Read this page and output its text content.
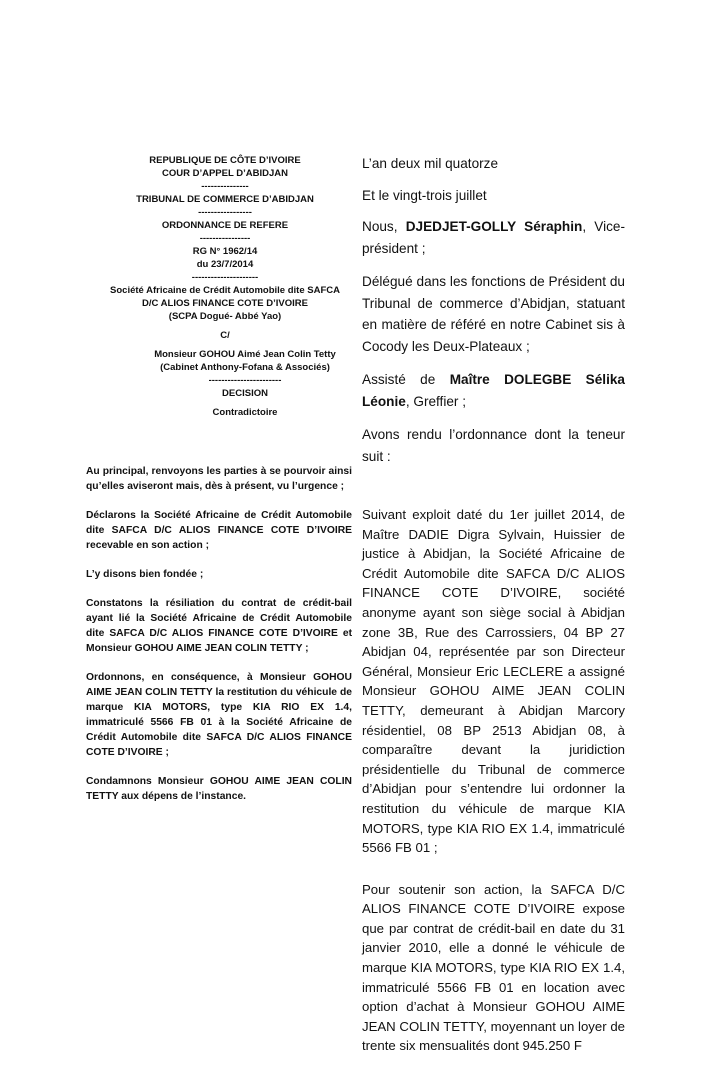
REPUBLIQUE DE CÔTE D’IVOIRE
COUR D’APPEL D’ABIDJAN
---------------
TRIBUNAL DE COMMERCE D’ABIDJAN
-----------------
ORDONNANCE DE REFERE
----------------
RG N° 1962/14
du 23/7/2014
---------------------
Société Africaine de Crédit Automobile dite SAFCA
D/C ALIOS FINANCE COTE D’IVOIRE
(SCPA Dogué- Abbé Yao)
C/
Monsieur GOHOU Aimé Jean Colin Tetty
(Cabinet Anthony-Fofana & Associés)
-----------------------
DECISION
Contradictoire

Au principal, renvoyons les parties à se pourvoir ainsi qu’elles aviseront mais, dès à présent, vu l’urgence ;

Déclarons la Société Africaine de Crédit Automobile dite SAFCA D/C ALIOS FINANCE COTE D’IVOIRE recevable en son action ;

L’y disons bien fondée ;

Constatons la résiliation du contrat de crédit-bail ayant lié la Société Africaine de Crédit Automobile dite SAFCA D/C ALIOS FINANCE COTE D’IVOIRE et Monsieur GOHOU AIME JEAN COLIN TETTY ;

Ordonnons, en conséquence, à Monsieur GOHOU AIME JEAN COLIN TETTY la restitution du véhicule de marque KIA MOTORS, type KIA RIO EX 1.4, immatriculé 5566 FB 01 à la Société Africaine de Crédit Automobile dite SAFCA D/C ALIOS FINANCE COTE D’IVOIRE ;

Condamnons Monsieur GOHOU AIME JEAN COLIN TETTY aux dépens de l’instance.

L’an deux mil quatorze

Et le vingt-trois juillet

Nous, DJEDJET-GOLLY Séraphin, Vice-président ;

Délégué dans les fonctions de Président du Tribunal de commerce d’Abidjan, statuant en matière de référé en notre Cabinet sis à Cocody les Deux-Plateaux ;

Assisté de Maître DOLEGBE Sélika Léonie, Greffier ;

Avons rendu l’ordonnance dont la teneur suit :

Suivant exploit daté du 1er juillet 2014, de Maître DADIE Digra Sylvain, Huissier de justice à Abidjan, la Société Africaine de Crédit Automobile dite SAFCA D/C ALIOS FINANCE COTE D’IVOIRE, société anonyme ayant son siège social à Abidjan zone 3B, Rue des Carrossiers, 04 BP 27 Abidjan 04, représentée par son Directeur Général, Monsieur Eric LECLERE a assigné Monsieur GOHOU AIME JEAN COLIN TETTY, demeurant à Abidjan Marcory résidentiel, 08 BP 2513 Abidjan 08, à comparaître devant la juridiction présidentielle du Tribunal de commerce d’Abidjan pour s’entendre lui ordonner la restitution du véhicule de marque KIA MOTORS, type KIA RIO EX 1.4, immatriculé 5566 FB 01 ;

Pour soutenir son action, la SAFCA D/C ALIOS FINANCE COTE D’IVOIRE expose que par contrat de crédit-bail en date du 31 janvier 2010, elle a donné le véhicule de marque KIA MOTORS, type KIA RIO EX 1.4, immatriculé 5566 FB 01 en location avec option d’achat à Monsieur GOHOU AIME JEAN COLIN TETTY, moyennant un loyer de trente six mensualités dont 945.250 F
